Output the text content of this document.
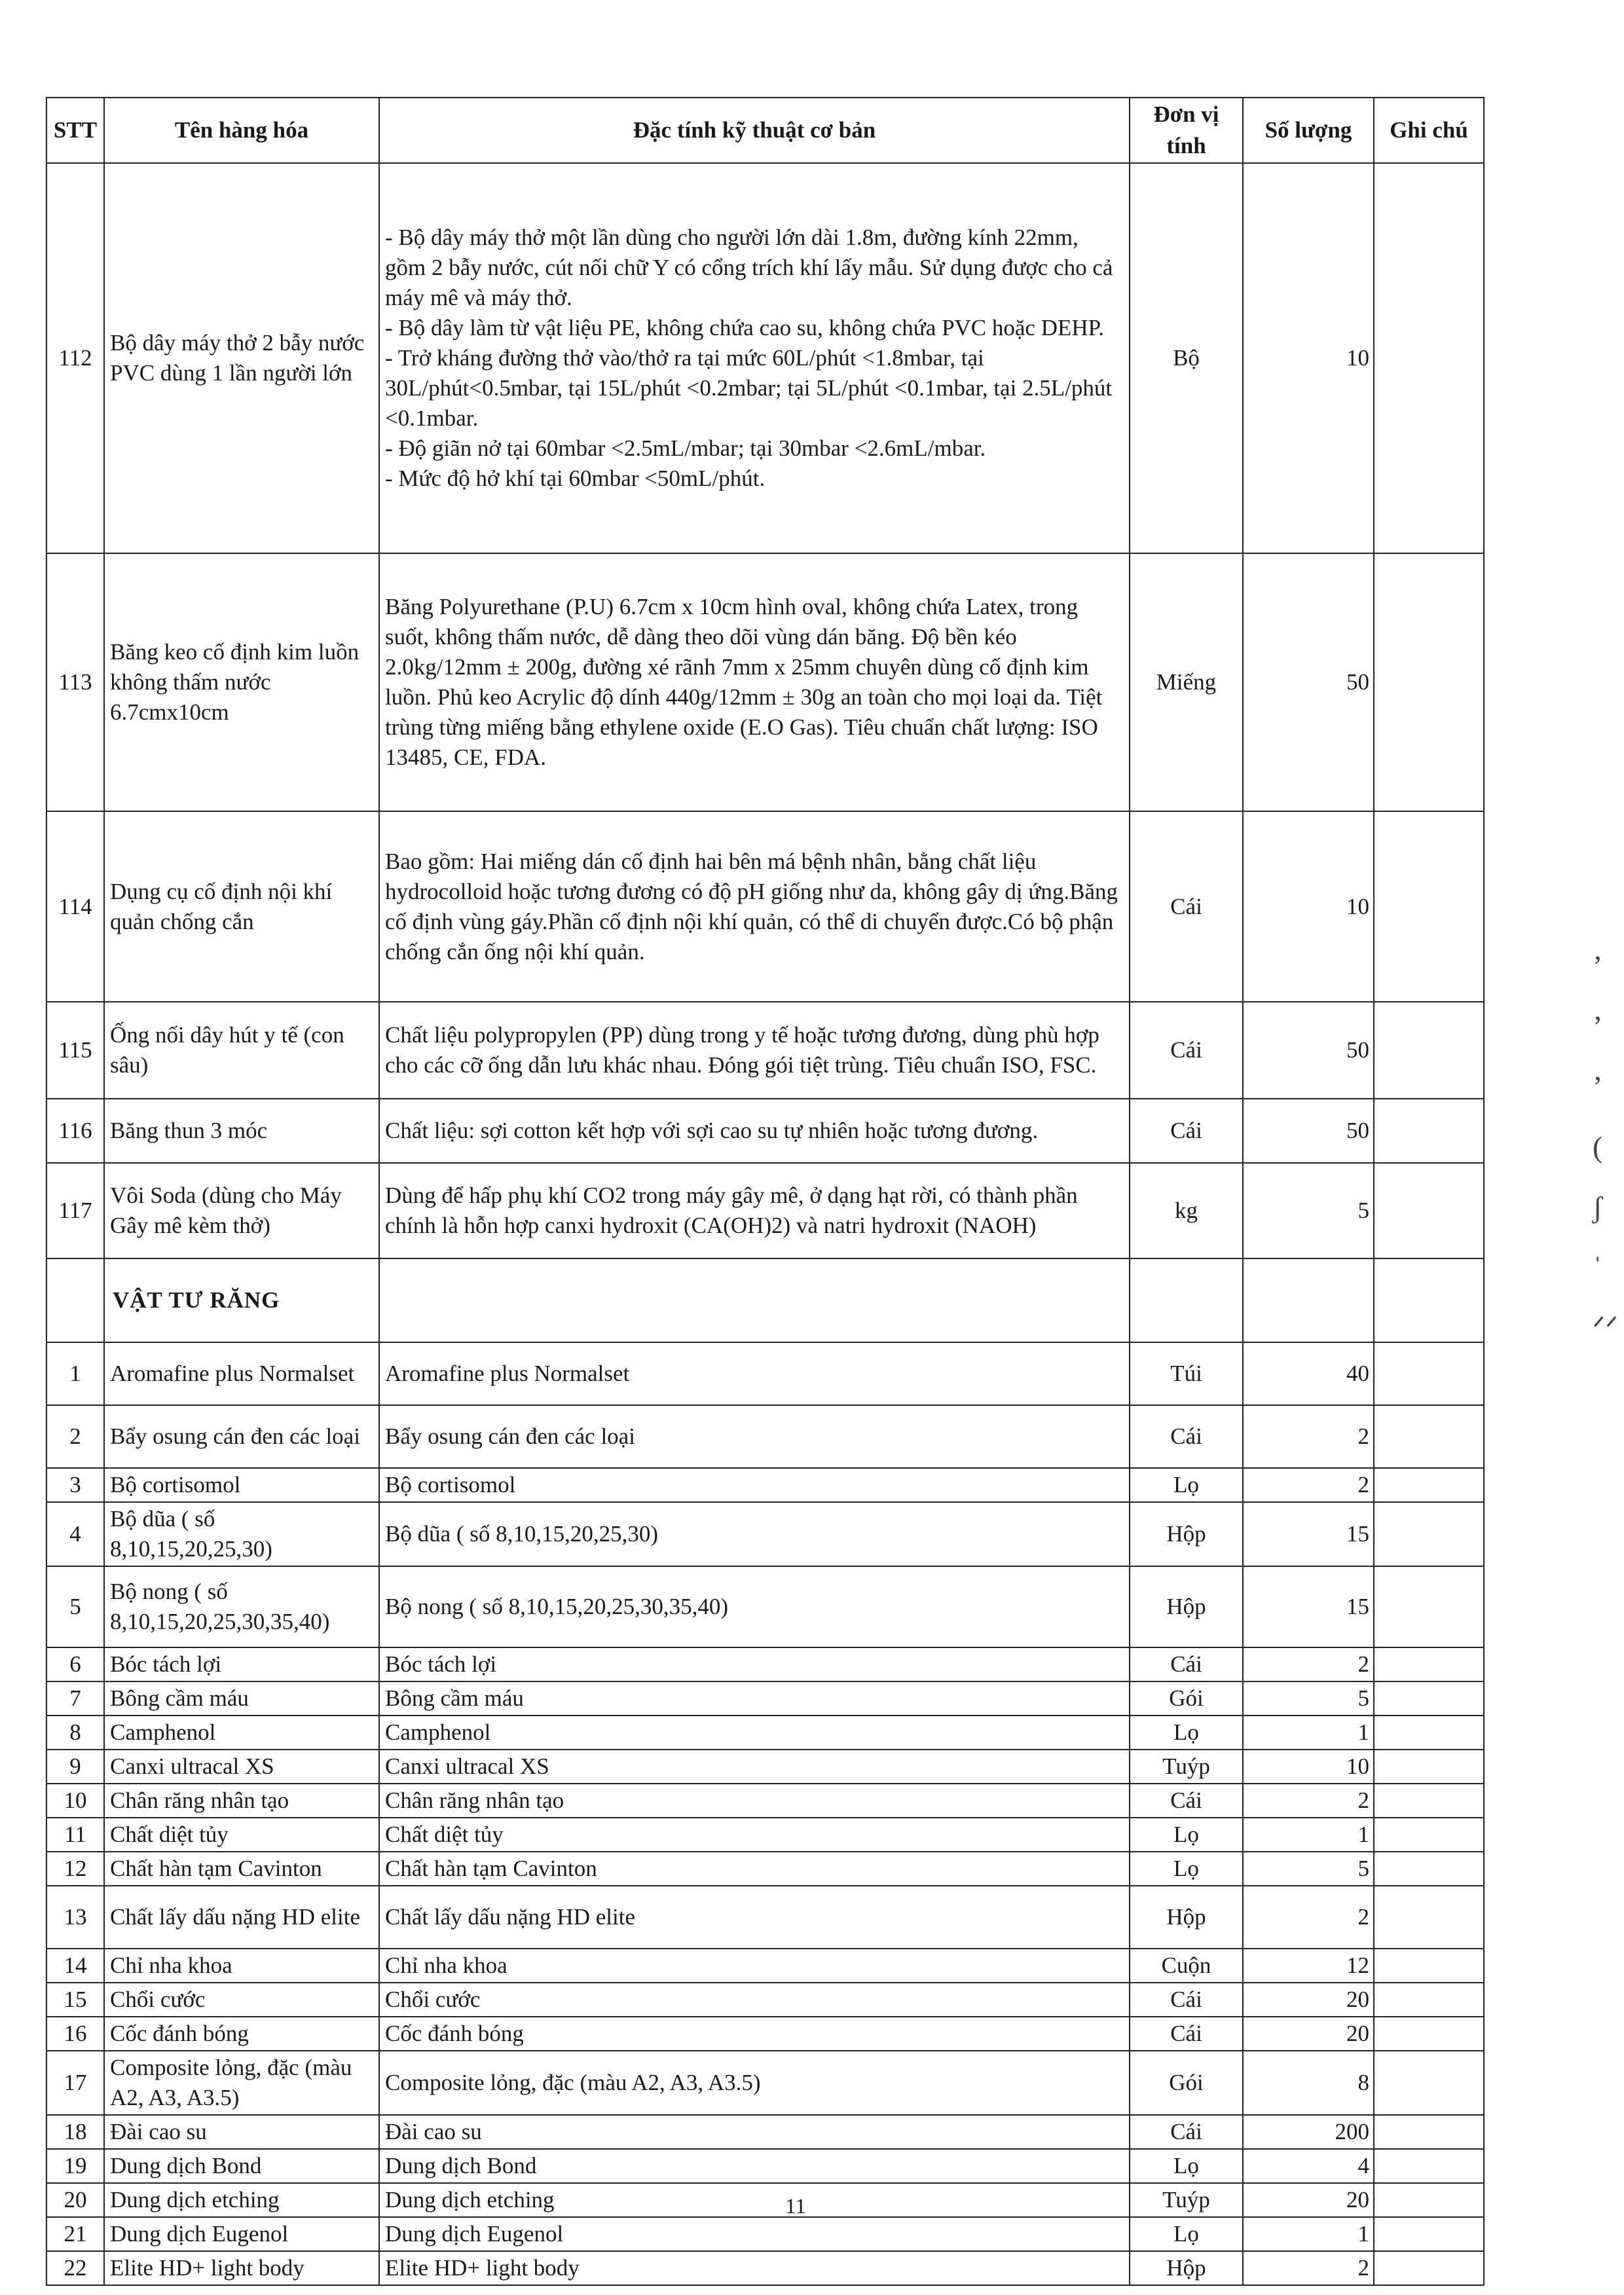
STT	Tên hàng hóa	Đặc tính kỹ thuật cơ bản	Đơn vị tính	Số lượng	Ghi chú
112	Bộ dây máy thở 2 bẫy nước PVC dùng 1 lần người lớn	- Bộ dây máy thở một lần dùng cho người lớn dài 1.8m, đường kính 22mm, gồm 2 bẫy nước, cút nối chữ Y có cổng trích khí lấy mẫu. Sử dụng được cho cả máy mê và máy thở.
- Bộ dây làm từ vật liệu PE, không chứa cao su, không chứa PVC hoặc DEHP.
- Trở kháng đường thở vào/thở ra tại mức 60L/phút <1.8mbar, tại 30L/phút<0.5mbar, tại 15L/phút <0.2mbar; tại 5L/phút <0.1mbar, tại 2.5L/phút <0.1mbar.
- Độ giãn nở tại 60mbar <2.5mL/mbar; tại 30mbar <2.6mL/mbar.
- Mức độ hở khí tại 60mbar <50mL/phút.	Bộ	10	
113	Băng keo cố định kim luồn không thấm nước 6.7cmx10cm	Băng Polyurethane (P.U) 6.7cm x 10cm hình oval, không chứa Latex, trong suốt, không thấm nước, dễ dàng theo dõi vùng dán băng. Độ bền kéo 2.0kg/12mm ± 200g, đường xé rãnh 7mm x 25mm chuyên dùng cố định kim luồn. Phủ keo Acrylic độ dính 440g/12mm ± 30g an toàn cho mọi loại da. Tiệt trùng từng miếng bằng ethylene oxide (E.O Gas). Tiêu chuẩn chất lượng: ISO 13485, CE, FDA.	Miếng	50	
114	Dụng cụ cố định nội khí quản chống cắn	Bao gồm: Hai miếng dán cố định hai bên má bệnh nhân, bằng chất liệu hydrocolloid hoặc tương đương có độ pH giống như da, không gây dị ứng.Băng cố định vùng gáy.Phần cố định nội khí quản, có thể di chuyển được.Có bộ phận chống cắn ống nội khí quản.	Cái	10	
115	Ống nối dây hút y tế (con sâu)	Chất liệu polypropylen (PP) dùng trong y tế hoặc tương đương, dùng phù hợp cho các cỡ ống dẫn lưu khác nhau. Đóng gói tiệt trùng. Tiêu chuẩn ISO, FSC.	Cái	50	
116	Băng thun 3 móc	Chất liệu: sợi cotton kết hợp với sợi cao su tự nhiên hoặc tương đương.	Cái	50	
117	Vôi Soda (dùng cho Máy Gây mê kèm thở)	Dùng để hấp phụ khí CO2 trong máy gây mê, ở dạng hạt rời, có thành phần chính là hỗn hợp canxi hydroxit (CA(OH)2) và natri hydroxit (NAOH)	kg	5	
	VẬT TƯ RĂNG				
1	Aromafine plus Normalset	Aromafine plus Normalset	Túi	40	
2	Bẩy osung cán đen các loại	Bẩy osung cán đen các loại	Cái	2	
3	Bộ cortisomol	Bộ cortisomol	Lọ	2	
4	Bộ dũa ( số 8,10,15,20,25,30)	Bộ dũa ( số 8,10,15,20,25,30)	Hộp	15	
5	Bộ nong ( số 8,10,15,20,25,30,35,40)	Bộ nong ( số 8,10,15,20,25,30,35,40)	Hộp	15	
6	Bóc tách lợi	Bóc tách lợi	Cái	2	
7	Bông cầm máu	Bông cầm máu	Gói	5	
8	Camphenol	Camphenol	Lọ	1	
9	Canxi ultracal XS	Canxi ultracal XS	Tuýp	10	
10	Chân răng nhân tạo	Chân răng nhân tạo	Cái	2	
11	Chất diệt tủy	Chất diệt tủy	Lọ	1	
12	Chất hàn tạm Cavinton	Chất hàn tạm Cavinton	Lọ	5	
13	Chất lấy dấu nặng HD elite	Chất lấy dấu nặng HD elite	Hộp	2	
14	Chỉ nha khoa	Chỉ nha khoa	Cuộn	12	
15	Chổi cước	Chổi cước	Cái	20	
16	Cốc đánh bóng	Cốc đánh bóng	Cái	20	
17	Composite lỏng, đặc (màu A2, A3, A3.5)	Composite lỏng, đặc (màu A2, A3, A3.5)	Gói	8	
18	Đài cao su	Đài cao su	Cái	200	
19	Dung dịch Bond	Dung dịch Bond	Lọ	4	
20	Dung dịch etching	Dung dịch etching	Tuýp	20	
21	Dung dịch Eugenol	Dung dịch Eugenol	Lọ	1	
22	Elite HD+ light body	Elite HD+ light body	Hộp	2	
11
ʼ ʼ
ʼ
(
ʃ
ˈ
ᐟᐟ
